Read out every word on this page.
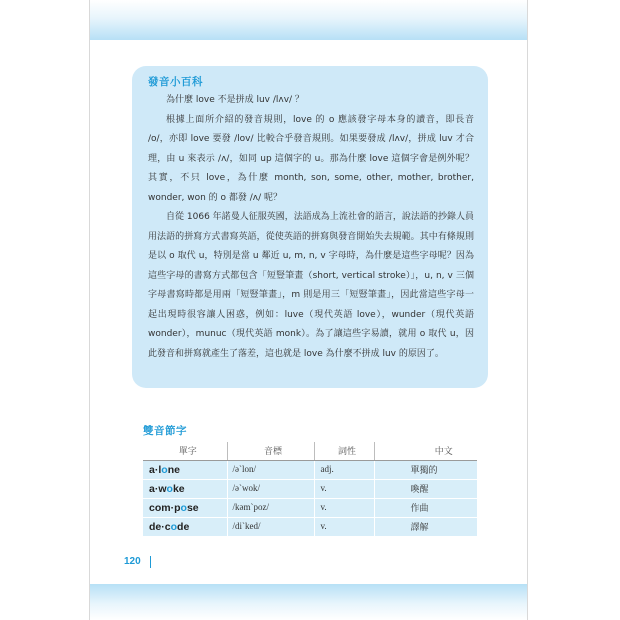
發音小百科

為什麼 love 不是拼成 luv /lʌv/ ？

根據上面所介紹的發音規則，love 的 o 應該發字母本身的讀音，即長音 /o/，亦即 love 要發 /lov/ 比較合乎發音規則。如果要發成 /lʌv/，拼成 luv 才合理，由 u 來表示 /ʌ/，如同 up 這個字的 u。那為什麼 love 這個字會是例外呢？其實，不只 love，為什麼 month, son, some, other, mother, brother, wonder, won 的 o 都發 /ʌ/ 呢？

自從 1066 年諾曼人征服英國，法語成為上流社會的語言，說法語的抄錄人員用法語的拼寫方式書寫英語，從使英語的拼寫與發音開始失去規範。其中有條規則是以 o 取代 u，特別是當 u 鄰近 u, m, n, v 字母時，為什麼是這些字母呢？因為這些字母的書寫方式都包含「短豎筆畫（short, vertical stroke）」，u, n, v 三個字母書寫時都是用兩「短豎筆畫」，m 則是用三「短豎筆畫」，因此當這些字母一起出現時很容讓人困惑，例如：luve（現代英語 love），wunder（現代英語 wonder），munuc（現代英語 monk）。為了讓這些字易讀，就用 o 取代 u，因此發音和拼寫就產生了落差，這也就是 love 為什麼不拼成 luv 的原因了。

雙音節字
單字	音標	詞性	中文
a·lone	/ə`lon/	adj.	單獨的
a·woke	/ə`wok/	v.	喚醒
com·pose	/kəm`poz/	v.	作曲
de·code	/di`ked/	v.	譯解
120
